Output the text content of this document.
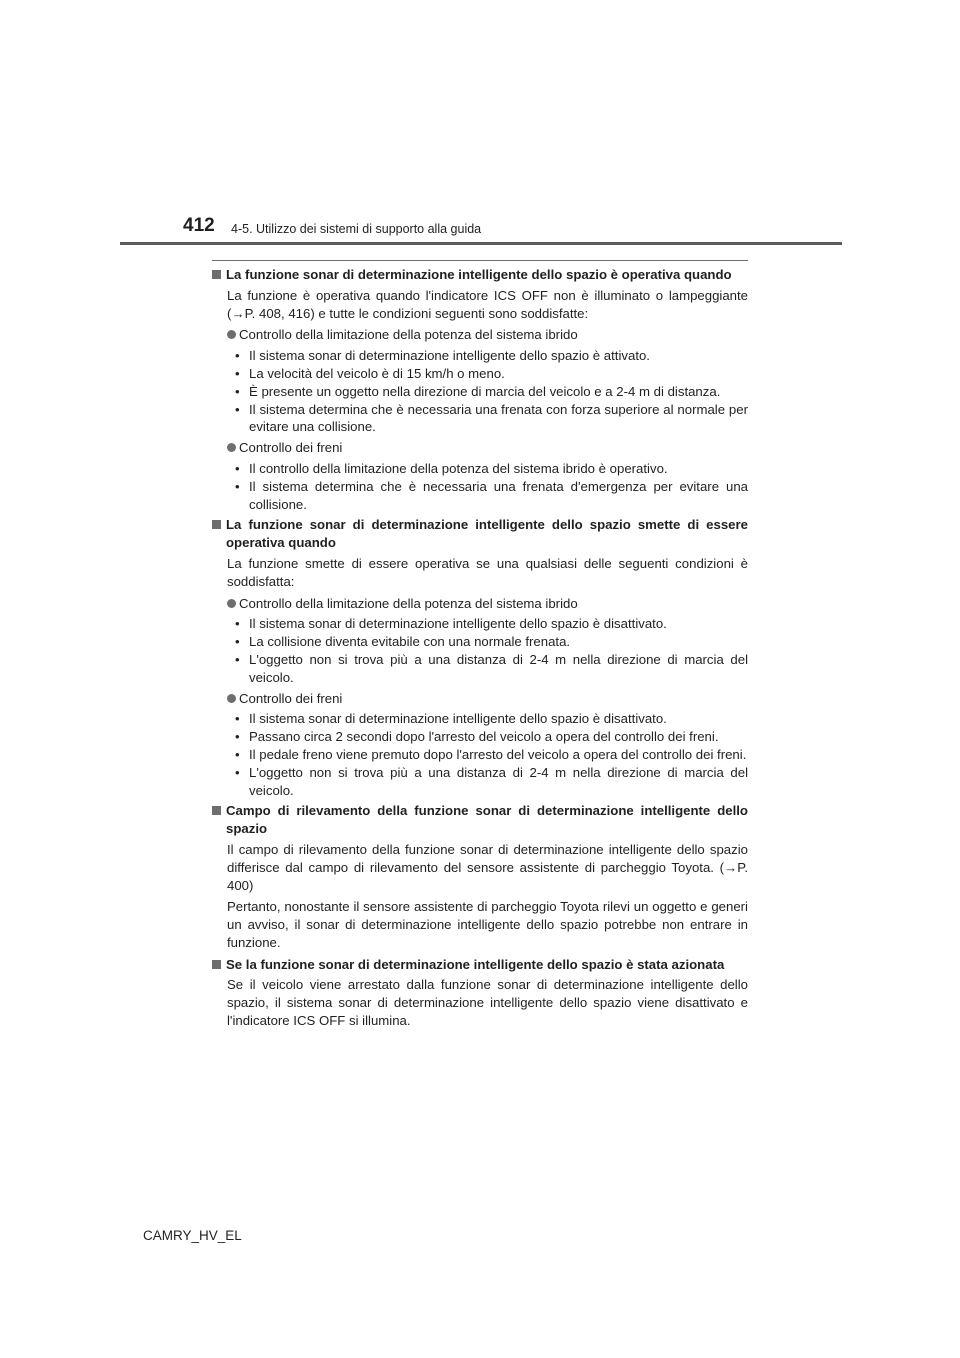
412 4-5. Utilizzo dei sistemi di supporto alla guida
La funzione sonar di determinazione intelligente dello spazio è operativa quando

La funzione è operativa quando l'indicatore ICS OFF non è illuminato o lampeggiante (→P. 408, 416) e tutte le condizioni seguenti sono soddisfatte:

Controllo della limitazione della potenza del sistema ibrido
• Il sistema sonar di determinazione intelligente dello spazio è attivato.
• La velocità del veicolo è di 15 km/h o meno.
• È presente un oggetto nella direzione di marcia del veicolo e a 2-4 m di distanza.
• Il sistema determina che è necessaria una frenata con forza superiore al normale per evitare una collisione.
Controllo dei freni
• Il controllo della limitazione della potenza del sistema ibrido è operativo.
• Il sistema determina che è necessaria una frenata d'emergenza per evitare una collisione.
La funzione sonar di determinazione intelligente dello spazio smette di essere operativa quando

La funzione smette di essere operativa se una qualsiasi delle seguenti condizioni è soddisfatta:

Controllo della limitazione della potenza del sistema ibrido
• Il sistema sonar di determinazione intelligente dello spazio è disattivato.
• La collisione diventa evitabile con una normale frenata.
• L'oggetto non si trova più a una distanza di 2-4 m nella direzione di marcia del veicolo.
Controllo dei freni
• Il sistema sonar di determinazione intelligente dello spazio è disattivato.
• Passano circa 2 secondi dopo l'arresto del veicolo a opera del controllo dei freni.
• Il pedale freno viene premuto dopo l'arresto del veicolo a opera del controllo dei freni.
• L'oggetto non si trova più a una distanza di 2-4 m nella direzione di marcia del veicolo.
Campo di rilevamento della funzione sonar di determinazione intelligente dello spazio

Il campo di rilevamento della funzione sonar di determinazione intelligente dello spazio differisce dal campo di rilevamento del sensore assistente di parcheggio Toyota. (→P. 400)

Pertanto, nonostante il sensore assistente di parcheggio Toyota rilevi un oggetto e generi un avviso, il sonar di determinazione intelligente dello spazio potrebbe non entrare in funzione.

Se la funzione sonar di determinazione intelligente dello spazio è stata azionata

Se il veicolo viene arrestato dalla funzione sonar di determinazione intelligente dello spazio, il sistema sonar di determinazione intelligente dello spazio viene disattivato e l'indicatore ICS OFF si illumina.

CAMRY_HV_EL
